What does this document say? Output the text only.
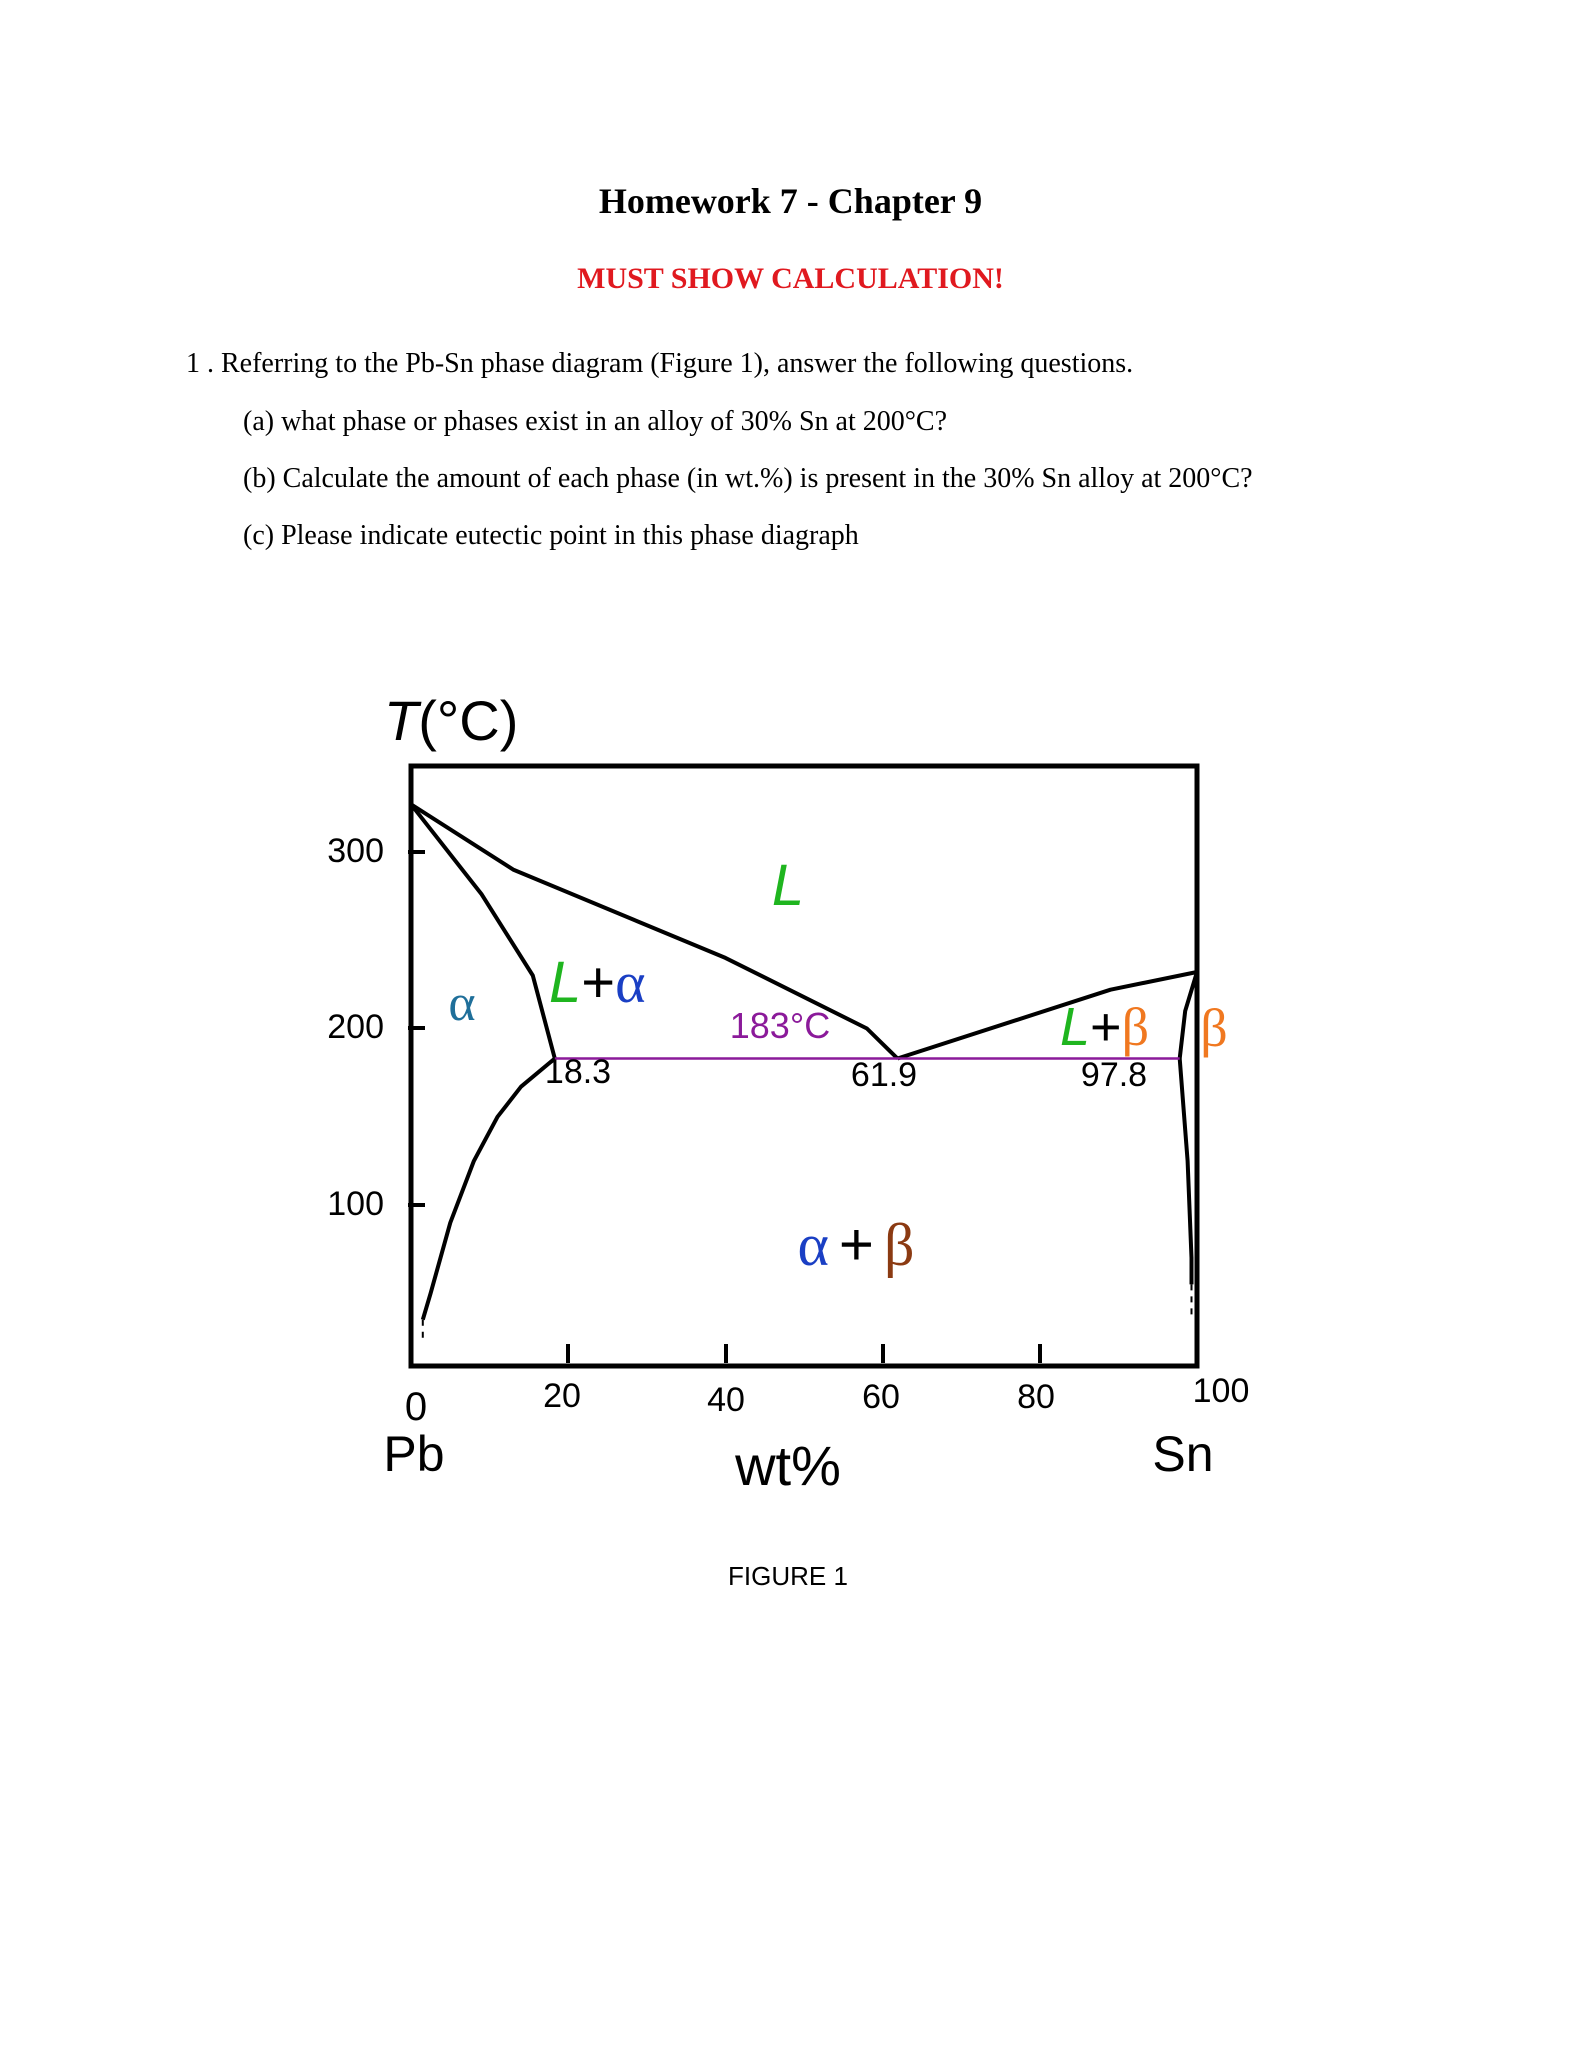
Homework 7 - Chapter 9
MUST SHOW CALCULATION!
1 . Referring to the Pb-Sn phase diagram (Figure 1), answer the following questions.
(a) what phase or phases exist in an alloy of 30% Sn at 200°C?
(b) Calculate the amount of each phase (in wt.%) is present in the 30% Sn alloy at 200°C?
(c) Please indicate eutectic point in this phase diagraph
T(°C)
300
200
100
0	20	40	60	80	100
Pb	Sn
wt%
L
α L+α
L+β β
α + β
183°C
18.3	61.9	97.8
FIGURE 1
